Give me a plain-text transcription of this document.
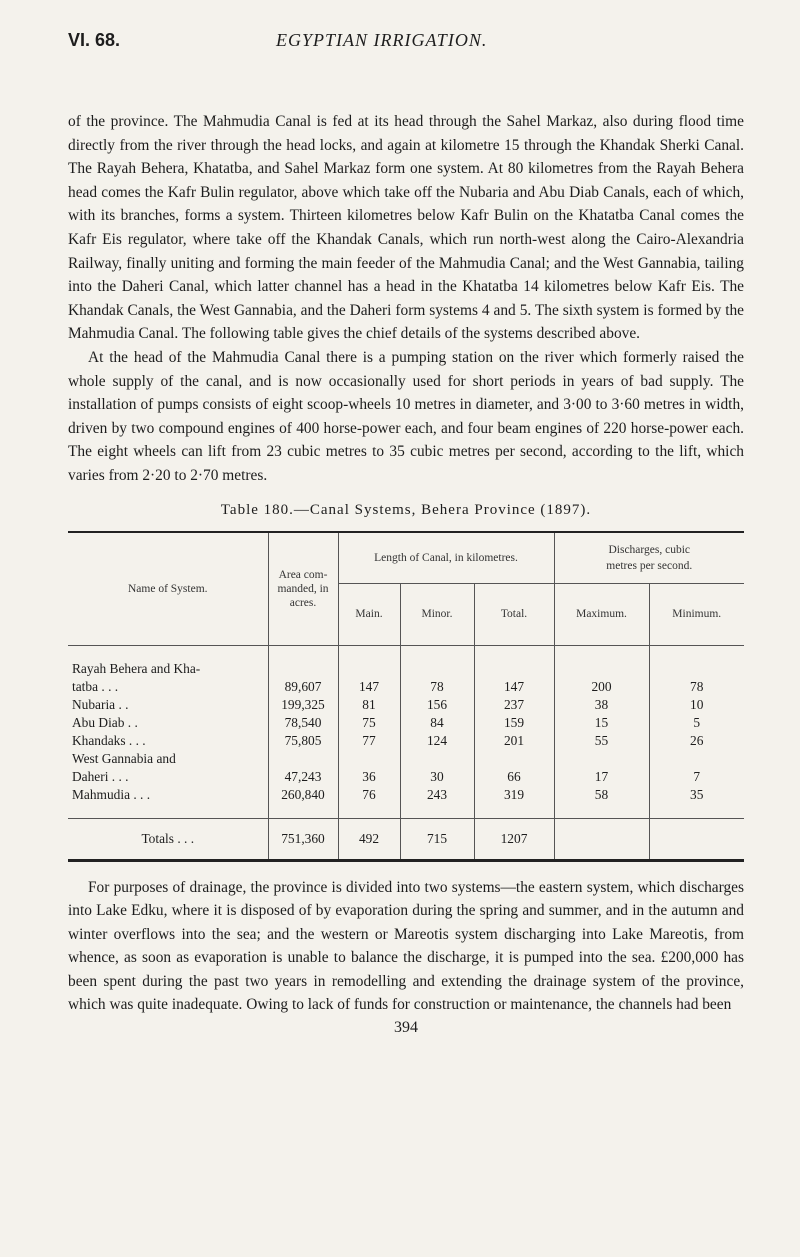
VI. 68.	EGYPTIAN IRRIGATION.

of the province. The Mahmudia Canal is fed at its head through the Sahel Markaz, also during flood time directly from the river through the head locks, and again at kilometre 15 through the Khandak Sherki Canal. The Rayah Behera, Khatatba, and Sahel Markaz form one system. At 80 kilometres from the Rayah Behera head comes the Kafr Bulin regulator, above which take off the Nubaria and Abu Diab Canals, each of which, with its branches, forms a system. Thirteen kilometres below Kafr Bulin on the Khatatba Canal comes the Kafr Eis regulator, where take off the Khandak Canals, which run north-west along the Cairo-Alexandria Railway, finally uniting and forming the main feeder of the Mahmudia Canal; and the West Gannabia, tailing into the Daheri Canal, which latter channel has a head in the Khatatba 14 kilometres below Kafr Eis. The Khandak Canals, the West Gannabia, and the Daheri form systems 4 and 5. The sixth system is formed by the Mahmudia Canal. The following table gives the chief details of the systems described above.

At the head of the Mahmudia Canal there is a pumping station on the river which formerly raised the whole supply of the canal, and is now occasionally used for short periods in years of bad supply. The installation of pumps consists of eight scoop-wheels 10 metres in diameter, and 3·00 to 3·60 metres in width, driven by two compound engines of 400 horse-power each, and four beam engines of 220 horse-power each. The eight wheels can lift from 23 cubic metres to 35 cubic metres per second, according to the lift, which varies from 2·20 to 2·70 metres.

Table 180.—Canal Systems, Behera Province (1897).
Name of System.	Area com-manded, in acres.	Length of Canal, in kilometres.			Discharges, cubic metres per second.	
		Main.	Minor.	Total.	Maximum.	Minimum.
Rayah Behera and Kha-						
tatba . . .	89,607	147	78	147	200	78
Nubaria . .	199,325	81	156	237	38	10
Abu Diab . .	78,540	75	84	159	15	5
Khandaks . . .	75,805	77	124	201	55	26
West Gannabia and						
Daheri . . .	47,243	36	30	66	17	7
Mahmudia . . .	260,840	76	243	319	58	35
Totals . . .	751,360	492	715	1207		

For purposes of drainage, the province is divided into two systems—the eastern system, which discharges into Lake Edku, where it is disposed of by evaporation during the spring and summer, and in the autumn and winter overflows into the sea; and the western or Mareotis system discharging into Lake Mareotis, from whence, as soon as evaporation is unable to balance the discharge, it is pumped into the sea. £200,000 has been spent during the past two years in remodelling and extending the drainage system of the province, which was quite inadequate. Owing to lack of funds for construction or maintenance, the channels had been

394
